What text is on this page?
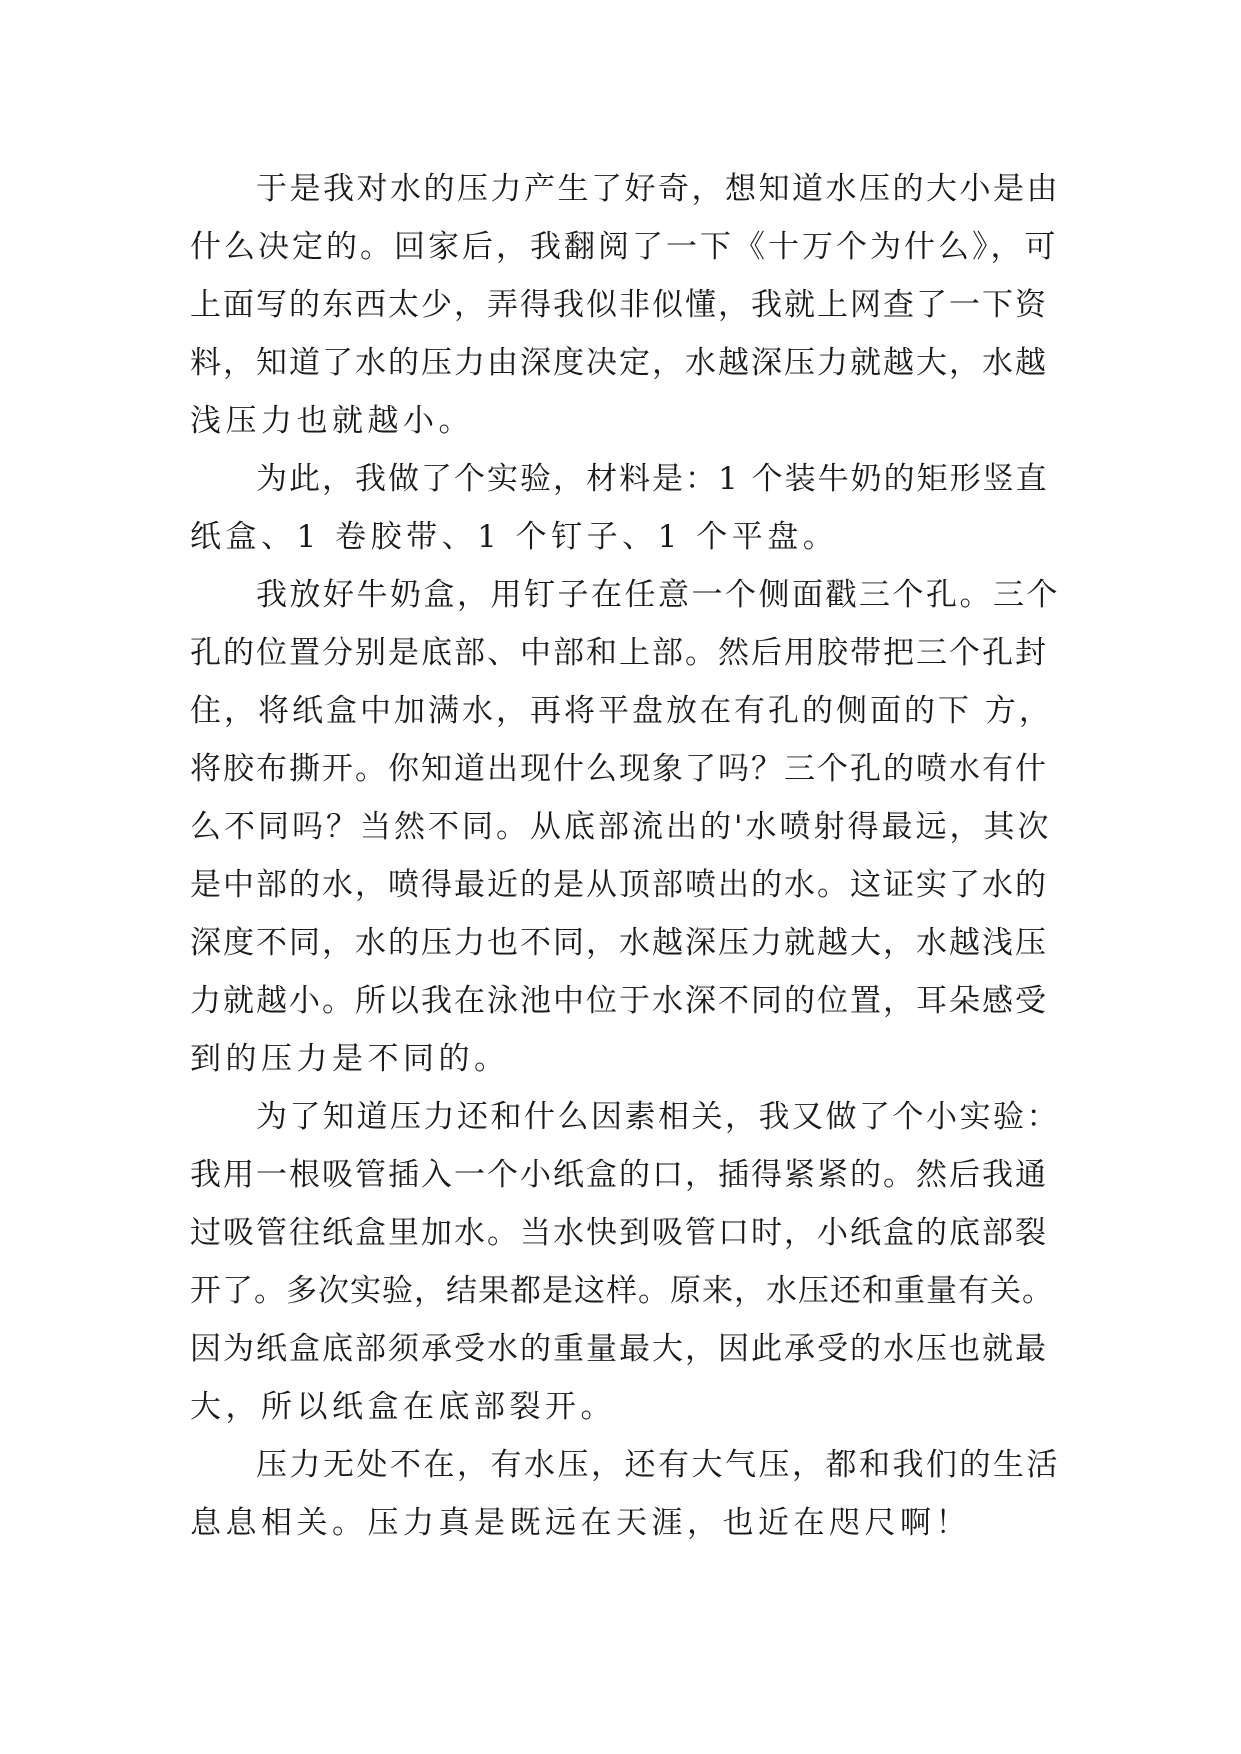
于是我对水的压力产生了好奇，想知道水压的大小是由
什么决定的。回家后，我翻阅了一下《十万个为什么》，可
上面写的东西太少，弄得我似非似懂，我就上网查了一下资
料，知道了水的压力由深度决定，水越深压力就越大，水越
浅压力也就越小。
为此，我做了个实验，材料是：1 个装牛奶的矩形竖直
纸盒、1 卷胶带、1 个钉子、1 个平盘。
我放好牛奶盒，用钉子在任意一个侧面戳三个孔。三个
孔的位置分别是底部、中部和上部。然后用胶带把三个孔封
住，将纸盒中加满水，再将平盘放在有孔的侧面的下 方，
将胶布撕开。你知道出现什么现象了吗？三个孔的喷水有什
么不同吗？当然不同。从底部流出的'水喷射得最远，其次
是中部的水，喷得最近的是从顶部喷出的水。这证实了水的
深度不同，水的压力也不同，水越深压力就越大，水越浅压
力就越小。所以我在泳池中位于水深不同的位置，耳朵感受
到的压力是不同的。
为了知道压力还和什么因素相关，我又做了个小实验：
我用一根吸管插入一个小纸盒的口，插得紧紧的。然后我通
过吸管往纸盒里加水。当水快到吸管口时，小纸盒的底部裂
开了。多次实验，结果都是这样。原来，水压还和重量有关。
因为纸盒底部须承受水的重量最大，因此承受的水压也就最
大，所以纸盒在底部裂开。
压力无处不在，有水压，还有大气压，都和我们的生活
息息相关。压力真是既远在天涯，也近在咫尺啊！
